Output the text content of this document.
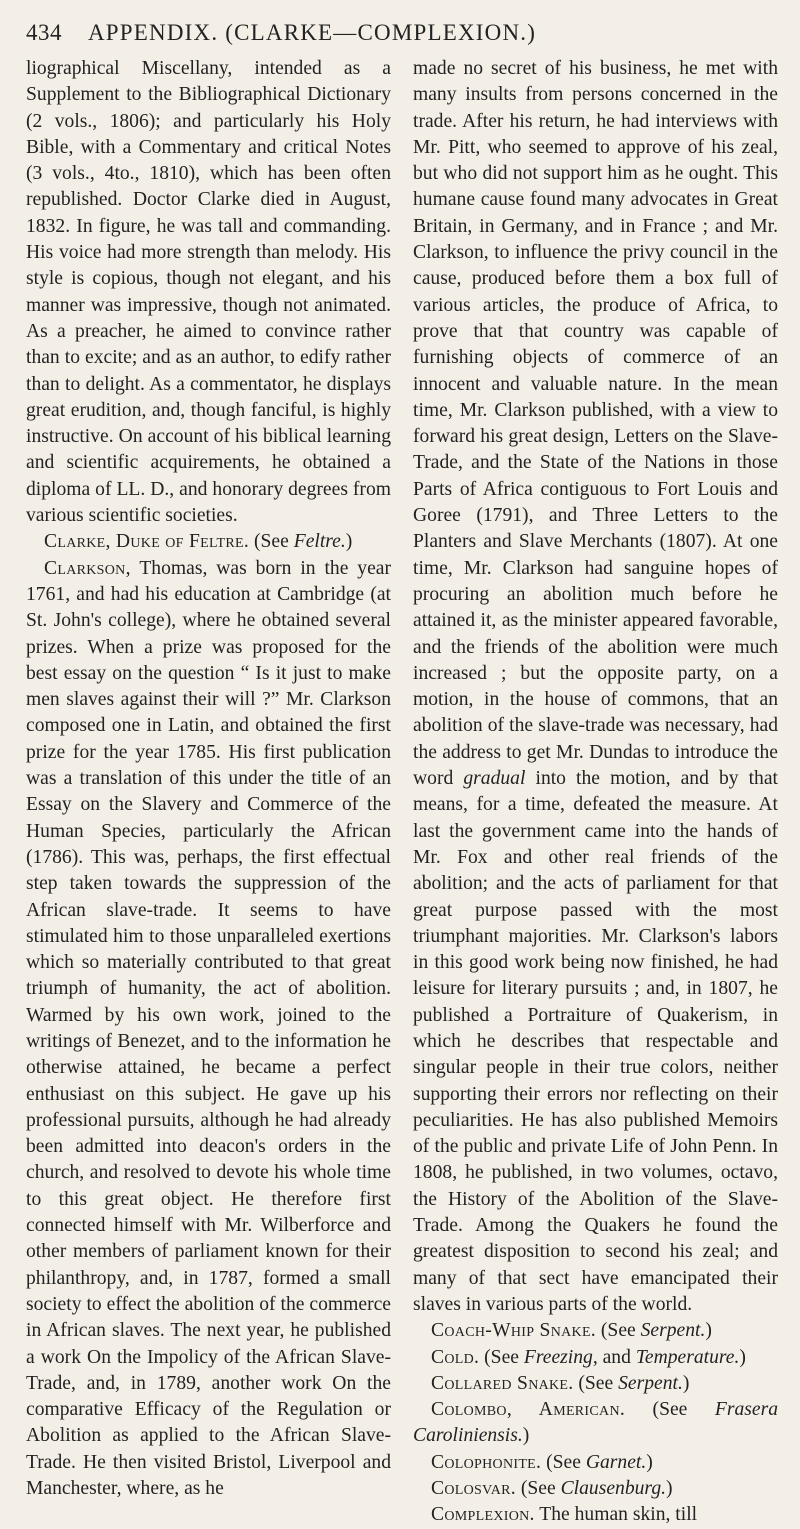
434 APPENDIX. (CLARKE—COMPLEXION.)

liographical Miscellany, intended as a Supplement to the Bibliographical Dictionary (2 vols., 1806); and particularly his Holy Bible, with a Commentary and critical Notes (3 vols., 4to., 1810), which has been often republished. Doctor Clarke died in August, 1832. In figure, he was tall and commanding. His voice had more strength than melody. His style is copious, though not elegant, and his manner was impressive, though not animated. As a preacher, he aimed to convince rather than to excite; and as an author, to edify rather than to delight. As a commentator, he displays great erudition, and, though fanciful, is highly instructive. On account of his biblical learning and scientific acquirements, he obtained a diploma of LL. D., and honorary degrees from various scientific societies.

Clarke, Duke of Feltre. (See Feltre.)

Clarkson, Thomas, was born in the year 1761, and had his education at Cambridge (at St. John's college), where he obtained several prizes. When a prize was proposed for the best essay on the question “ Is it just to make men slaves against their will ?” Mr. Clarkson composed one in Latin, and obtained the first prize for the year 1785. His first publication was a translation of this under the title of an Essay on the Slavery and Commerce of the Human Species, particularly the African (1786). This was, perhaps, the first effectual step taken towards the suppression of the African slave-trade. It seems to have stimulated him to those unparalleled exertions which so materially contributed to that great triumph of humanity, the act of abolition. Warmed by his own work, joined to the writings of Benezet, and to the information he otherwise attained, he became a perfect enthusiast on this subject. He gave up his professional pursuits, although he had already been admitted into deacon's orders in the church, and resolved to devote his whole time to this great object. He therefore first connected himself with Mr. Wilberforce and other members of parliament known for their philanthropy, and, in 1787, formed a small society to effect the abolition of the commerce in African slaves. The next year, he published a work On the Impolicy of the African Slave-Trade, and, in 1789, another work On the comparative Efficacy of the Regulation or Abolition as applied to the African Slave-Trade. He then visited Bristol, Liverpool and Manchester, where, as he

made no secret of his business, he met with many insults from persons concerned in the trade. After his return, he had interviews with Mr. Pitt, who seemed to approve of his zeal, but who did not support him as he ought. This humane cause found many advocates in Great Britain, in Germany, and in France ; and Mr. Clarkson, to influence the privy council in the cause, produced before them a box full of various articles, the produce of Africa, to prove that that country was capable of furnishing objects of commerce of an innocent and valuable nature. In the mean time, Mr. Clarkson published, with a view to forward his great design, Letters on the Slave-Trade, and the State of the Nations in those Parts of Africa contiguous to Fort Louis and Goree (1791), and Three Letters to the Planters and Slave Merchants (1807). At one time, Mr. Clarkson had sanguine hopes of procuring an abolition much before he attained it, as the minister appeared favorable, and the friends of the abolition were much increased ; but the opposite party, on a motion, in the house of commons, that an abolition of the slave-trade was necessary, had the address to get Mr. Dundas to introduce the word gradual into the motion, and by that means, for a time, defeated the measure. At last the government came into the hands of Mr. Fox and other real friends of the abolition; and the acts of parliament for that great purpose passed with the most triumphant majorities. Mr. Clarkson's labors in this good work being now finished, he had leisure for literary pursuits ; and, in 1807, he published a Portraiture of Quakerism, in which he describes that respectable and singular people in their true colors, neither supporting their errors nor reflecting on their peculiarities. He has also published Memoirs of the public and private Life of John Penn. In 1808, he published, in two volumes, octavo, the History of the Abolition of the Slave-Trade. Among the Quakers he found the greatest disposition to second his zeal; and many of that sect have emancipated their slaves in various parts of the world.

Coach-Whip Snake. (See Serpent.)

Cold. (See Freezing, and Temperature.)

Collared Snake. (See Serpent.)

Colombo, American. (See Frasera Caroliniensis.)

Colophonite. (See Garnet.)

Colosvar. (See Clausenburg.)

Complexion. The human skin, till
